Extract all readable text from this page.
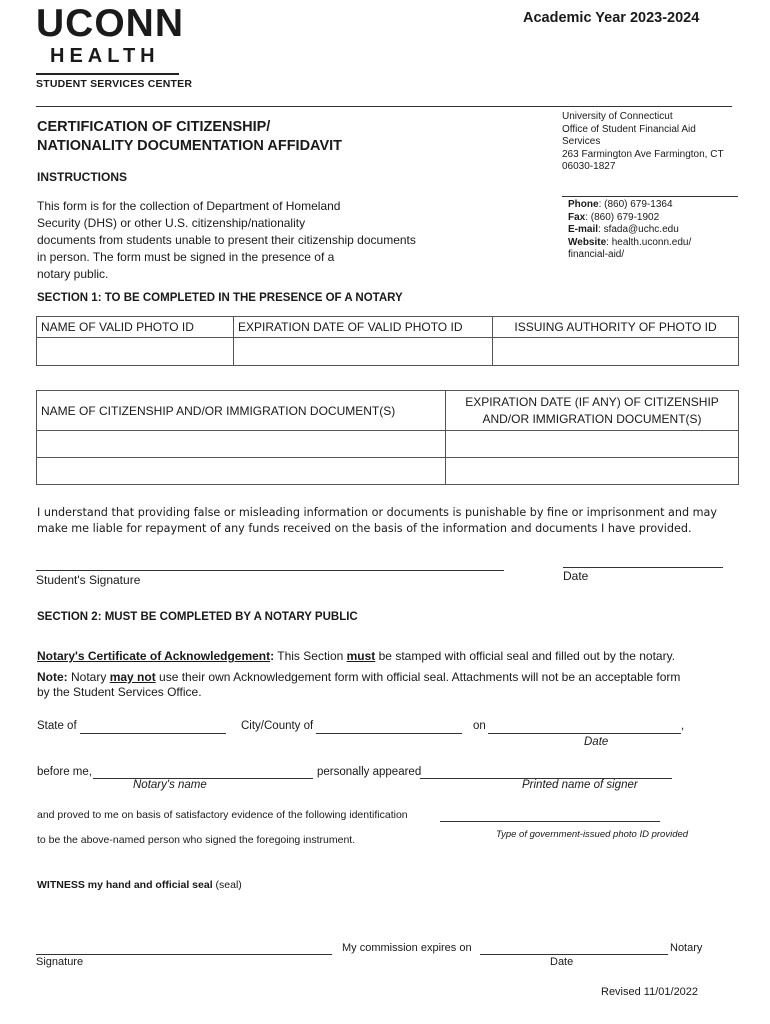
UCONN
HEALTH
STUDENT SERVICES CENTER
Academic Year 2023-2024
CERTIFICATION OF CITIZENSHIP/
NATIONALITY DOCUMENTATION AFFIDAVIT
INSTRUCTIONS
This form is for the collection of Department of Homeland
Security (DHS) or other U.S. citizenship/nationality
documents from students unable to present their citizenship documents
in person. The form must be signed in the presence of a
notary public.
University of Connecticut
Office of Student Financial Aid
Services
263 Farmington Ave Farmington, CT
06030-1827
Phone: (860) 679-1364
Fax: (860) 679-1902
E-mail: sfada@uchc.edu
Website: health.uconn.edu/
financial-aid/
SECTION 1: TO BE COMPLETED IN THE PRESENCE OF A NOTARY
NAME OF VALID PHOTO ID	EXPIRATION DATE OF VALID PHOTO ID	ISSUING AUTHORITY OF PHOTO ID

NAME OF CITIZENSHIP AND/OR IMMIGRATION DOCUMENT(S)	EXPIRATION DATE (IF ANY) OF CITIZENSHIP
AND/OR IMMIGRATION DOCUMENT(S)

I understand that providing false or misleading information or documents is punishable by fine or imprisonment and may
make me liable for repayment of any funds received on the basis of the information and documents I have provided.
Student's Signature	Date
SECTION 2: MUST BE COMPLETED BY A NOTARY PUBLIC
Notary's Certificate of Acknowledgement: This Section must be stamped with official seal and filled out by the notary.
Note: Notary may not use their own Acknowledgement form with official seal. Attachments will not be an acceptable form
by the Student Services Office.
State of	City/County of	on	,
Date
before me,	personally appeared
Notary's name	Printed name of signer
and proved to me on basis of satisfactory evidence of the following identification
Type of government-issued photo ID provided
to be the above-named person who signed the foregoing instrument.
WITNESS my hand and official seal (seal)
My commission expires on	Notary
Signature	Date
Revised 11/01/2022
